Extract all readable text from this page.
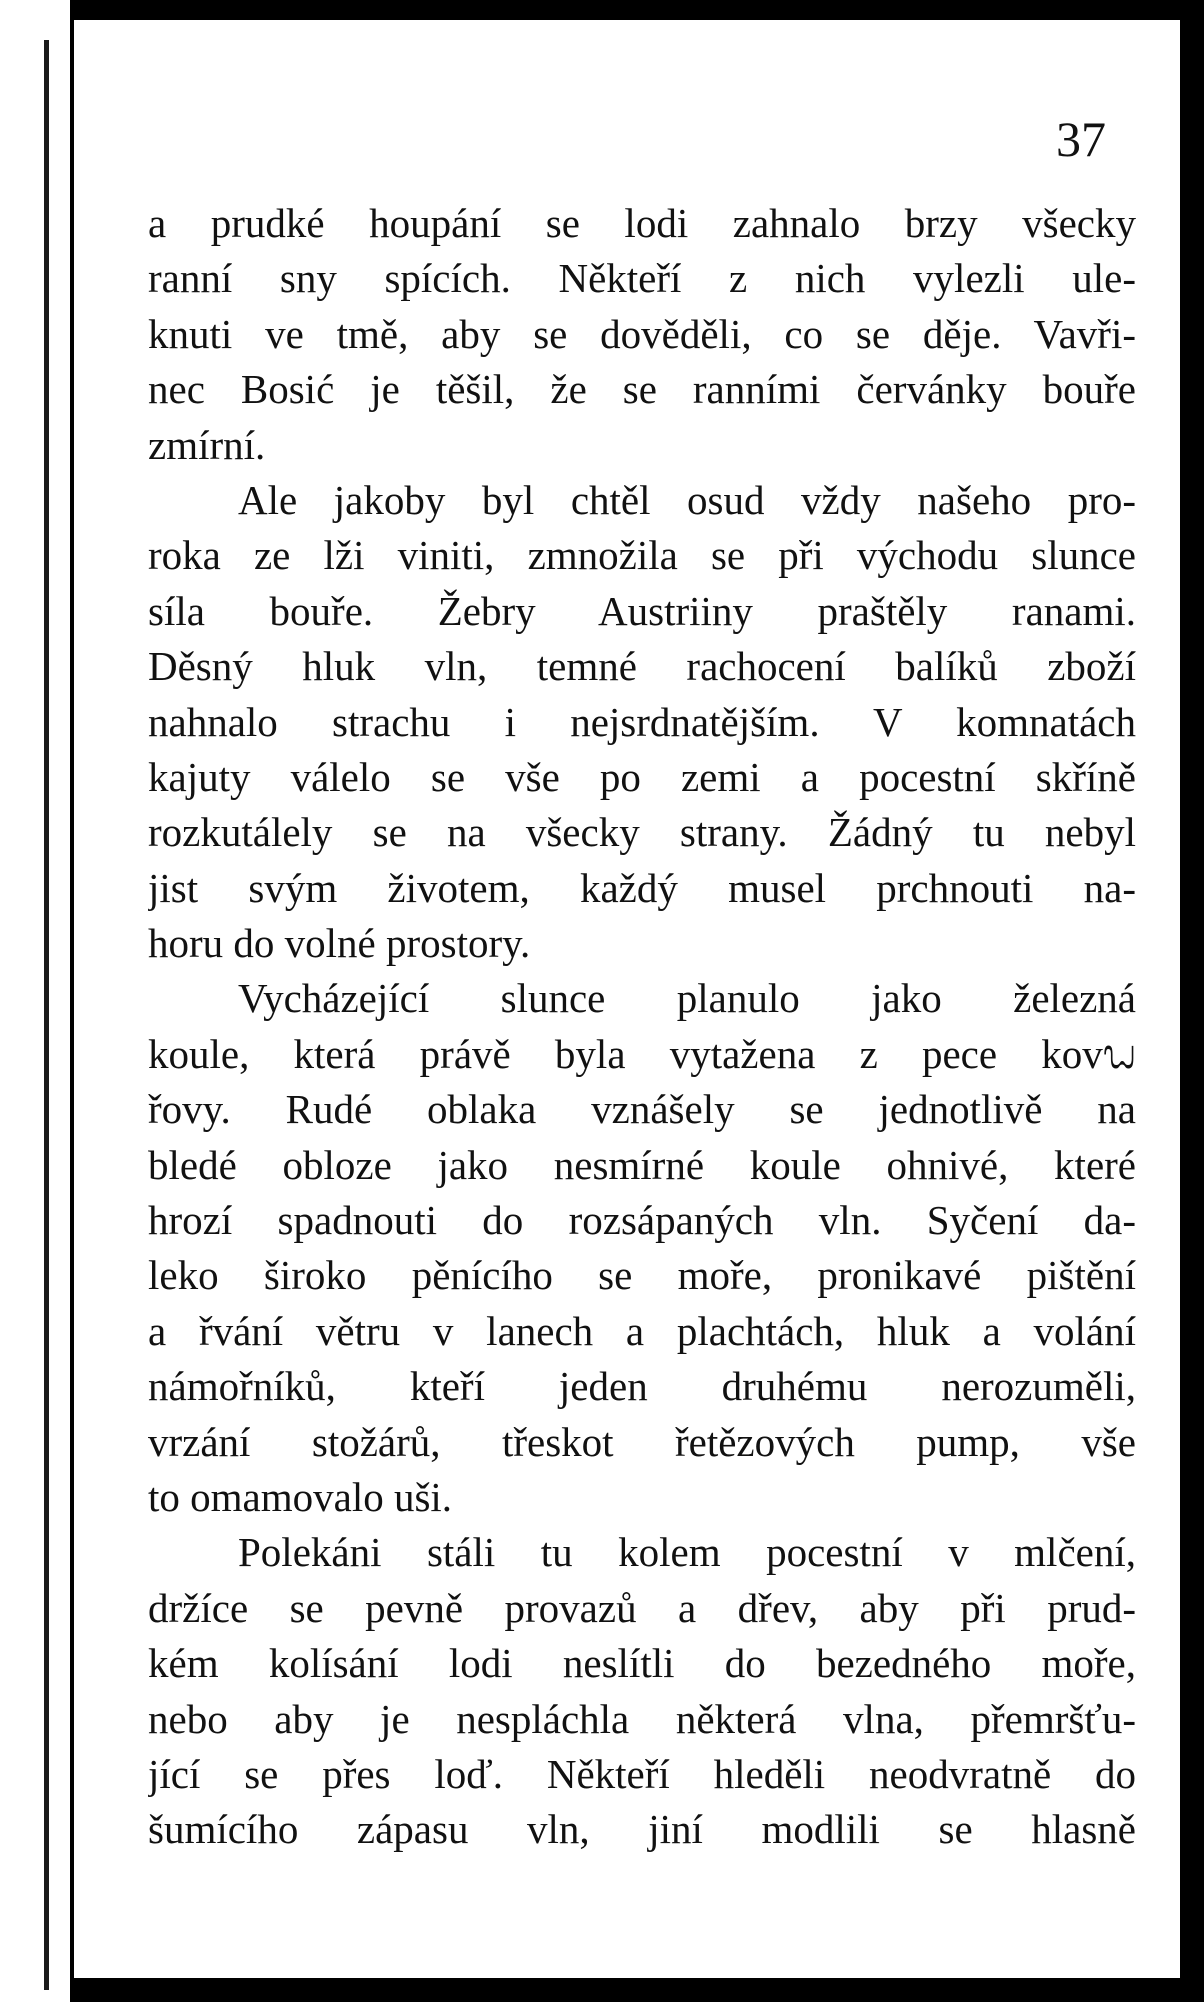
37
a prudké houpání se lodi zahnalo brzy všecky
ranní sny spících. Někteří z nich vylezli ule-
knuti ve tmě, aby se dověděli, co se děje. Vavři-
nec Bosić je těšil, že se ranními červánky bouře
zmírní.
Ale jakoby byl chtěl osud vždy našeho pro-
roka ze lži viniti, zmnožila se při východu slunce
síla bouře. Žebry Austriiny praštěly ranami.
Děsný hluk vln, temné rachocení balíků zboží
nahnalo strachu i nejsrdnatějším. V komnatách
kajuty válelo se vše po zemi a pocestní skříně
rozkutálely se na všecky strany. Žádný tu nebyl
jist svým životem, každý musel prchnouti na-
horu do volné prostory.
Vycházející slunce planulo jako železná
koule, která právě byla vytažena z pece kovᬠ
řovy. Rudé oblaka vznášely se jednotlivě na
bledé obloze jako nesmírné koule ohnivé, které
hrozí spadnouti do rozsápaných vln. Syčení da-
leko široko pěnícího se moře, pronikavé pištění
a řvání větru v lanech a plachtách, hluk a volání
námořníků, kteří jeden druhému nerozuměli,
vrzání stožárů, třeskot řetězových pump, vše
to omamovalo uši.
Polekáni stáli tu kolem pocestní v mlčení,
držíce se pevně provazů a dřev, aby při prud-
kém kolísání lodi neslítli do bezedného moře,
nebo aby je nespláchla některá vlna, přemršťu-
jící se přes loď. Někteří hleděli neodvratně do
šumícího zápasu vln, jiní modlili se hlasně
